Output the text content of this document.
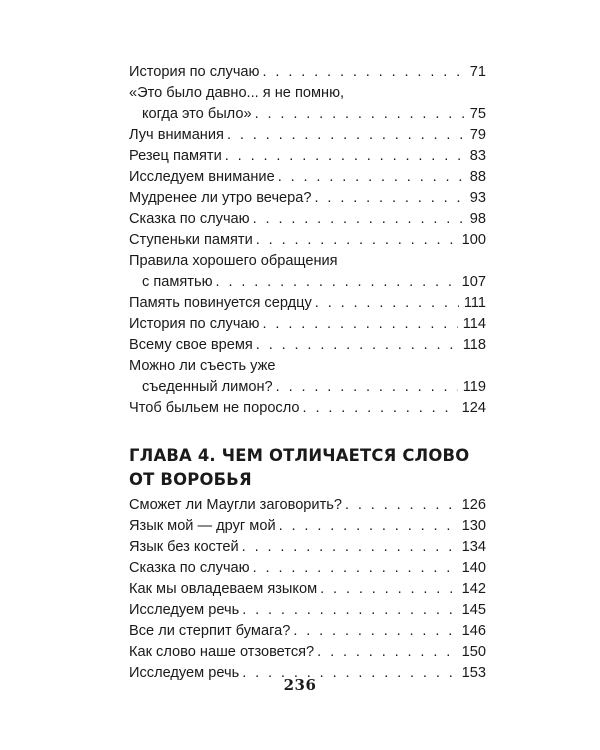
История по случаю . . .	71
«Это было давно... я не помню,
когда это было» . . .	75
Луч внимания . . .	79
Резец памяти . . .	83
Исследуем внимание . . .	88
Мудренее ли утро вечера? . . .	93
Сказка по случаю . . .	98
Ступеньки памяти . . .	100
Правила хорошего обращения
с памятью . . .	107
Память повинуется сердцу . . .	111
История по случаю . . .	114
Всему свое время . . .	118
Можно ли съесть уже
съеденный лимон? . . .	119
Чтоб быльем не поросло . . .	124
ГЛАВА 4. ЧЕМ ОТЛИЧАЕТСЯ СЛОВО
ОТ ВОРОБЬЯ
Сможет ли Маугли заговорить? . . .	126
Язык мой — друг мой . . .	130
Язык без костей . . .	134
Сказка по случаю . . .	140
Как мы овладеваем языком . . .	142
Исследуем речь . . .	145
Все ли стерпит бумага? . . .	146
Как слово наше отзовется? . . .	150
Исследуем речь . . .	153
236
